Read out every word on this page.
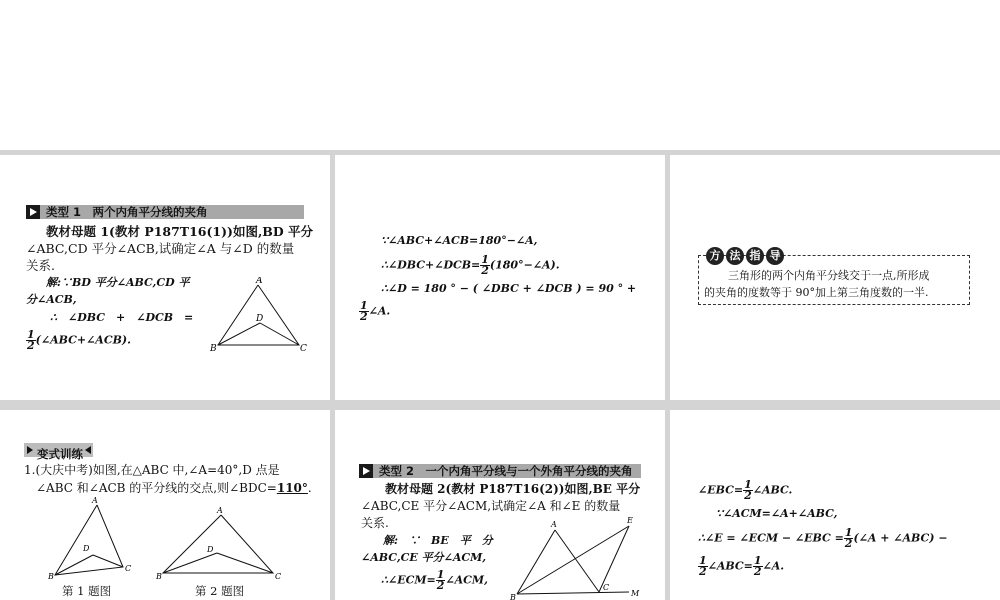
类型 1　两个内角平分线的夹角
教材母题 1(教材 P187T16(1))如图,BD 平分
∠ABC,CD 平分∠ACB,试确定∠A 与∠D 的数量
关系.
解:∵BD 平分∠ABC,CD 平
分∠ACB,
∴　∠DBC　+　∠DCB　=
$\frac{1}{2}$ (∠ABC+∠ACB).
A
B	C
D
∵∠ABC+∠ACB=180°−∠A,
∴∠DBC+∠DCB= $\frac{1}{2}$ (180°−∠A).
∴∠D = 180 ° − ( ∠DBC + ∠DCB ) = 90 ° +
$\frac{1}{2}$ ∠A.
方 法 指 导
三角形的两个内角平分线交于一点,所形成
的夹角的度数等于 90°加上第三角度数的一半.
变式训练
1.(大庆中考)如图,在△ABC 中,∠A=40°,D 点是
∠ABC 和∠ACB 的平分线的交点,则∠BDC=110°.
A
B
C
D
第 1 题图
A
B	C
D
第 2 题图
类型 2　一个内角平分线与一个外角平分线的夹角
教材母题 2(教材 P187T16(2))如图,BE 平分
∠ABC,CE 平分∠ACM,试确定∠A 和∠E 的数量
关系.
解:　∵　BE　平　分
∠ABC,CE 平分∠ACM,
∴∠ECM= $\frac{1}{2}$ ∠ACM,
A
B
C
E
M
∠EBC= $\frac{1}{2}$ ∠ABC.
∵∠ACM=∠A+∠ABC,
∴∠E = ∠ECM − ∠EBC = $\frac{1}{2}$ (∠A + ∠ABC) −
$\frac{1}{2}$ ∠ABC= $\frac{1}{2}$ ∠A.
